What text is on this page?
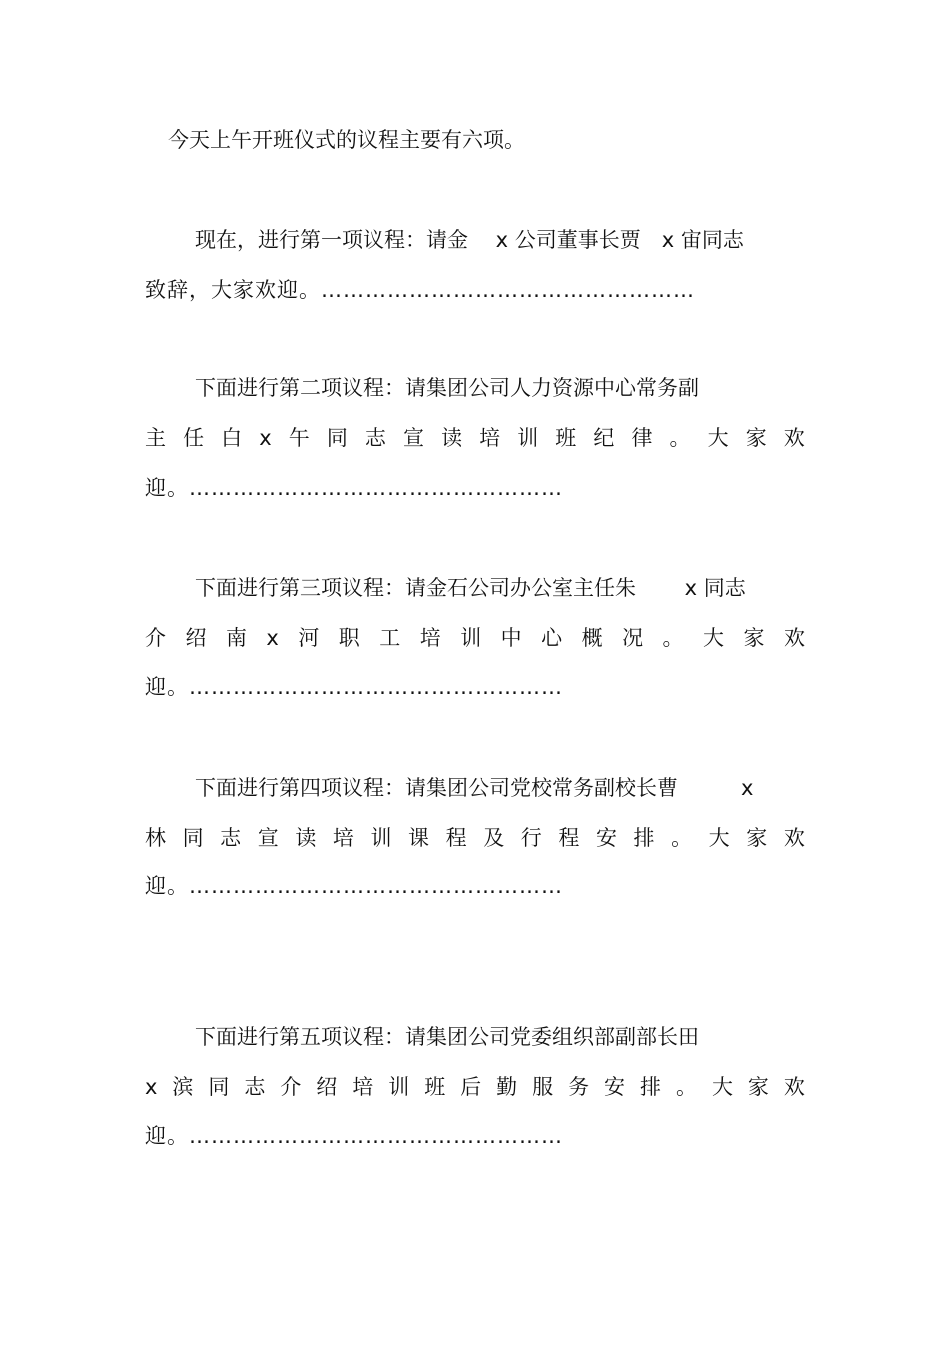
今天上午开班仪式的议程主要有六项。
现在，进行第一项议程：请金　 x 公司董事长贾　x 宙同志
致辞，大家欢迎。……………………………………………
下面进行第二项议程：请集团公司人力资源中心常务副
主 任 白 x 午 同 志 宣 读 培 训 班 纪 律 。 大 家 欢
迎。……………………………………………
下面进行第三项议程：请金石公司办公室主任朱　　 x 同志
介 绍 南 x 河 职 工 培 训 中 心 概 况 。 大 家 欢
迎。……………………………………………
下面进行第四项议程：请集团公司党校常务副校长曹　　　x
林 同 志 宣 读 培 训 课 程 及 行 程 安 排 。 大 家 欢
迎。……………………………………………
下面进行第五项议程：请集团公司党委组织部副部长田
x 滨 同 志 介 绍 培 训 班 后 勤 服 务 安 排 。 大 家 欢
迎。……………………………………………
